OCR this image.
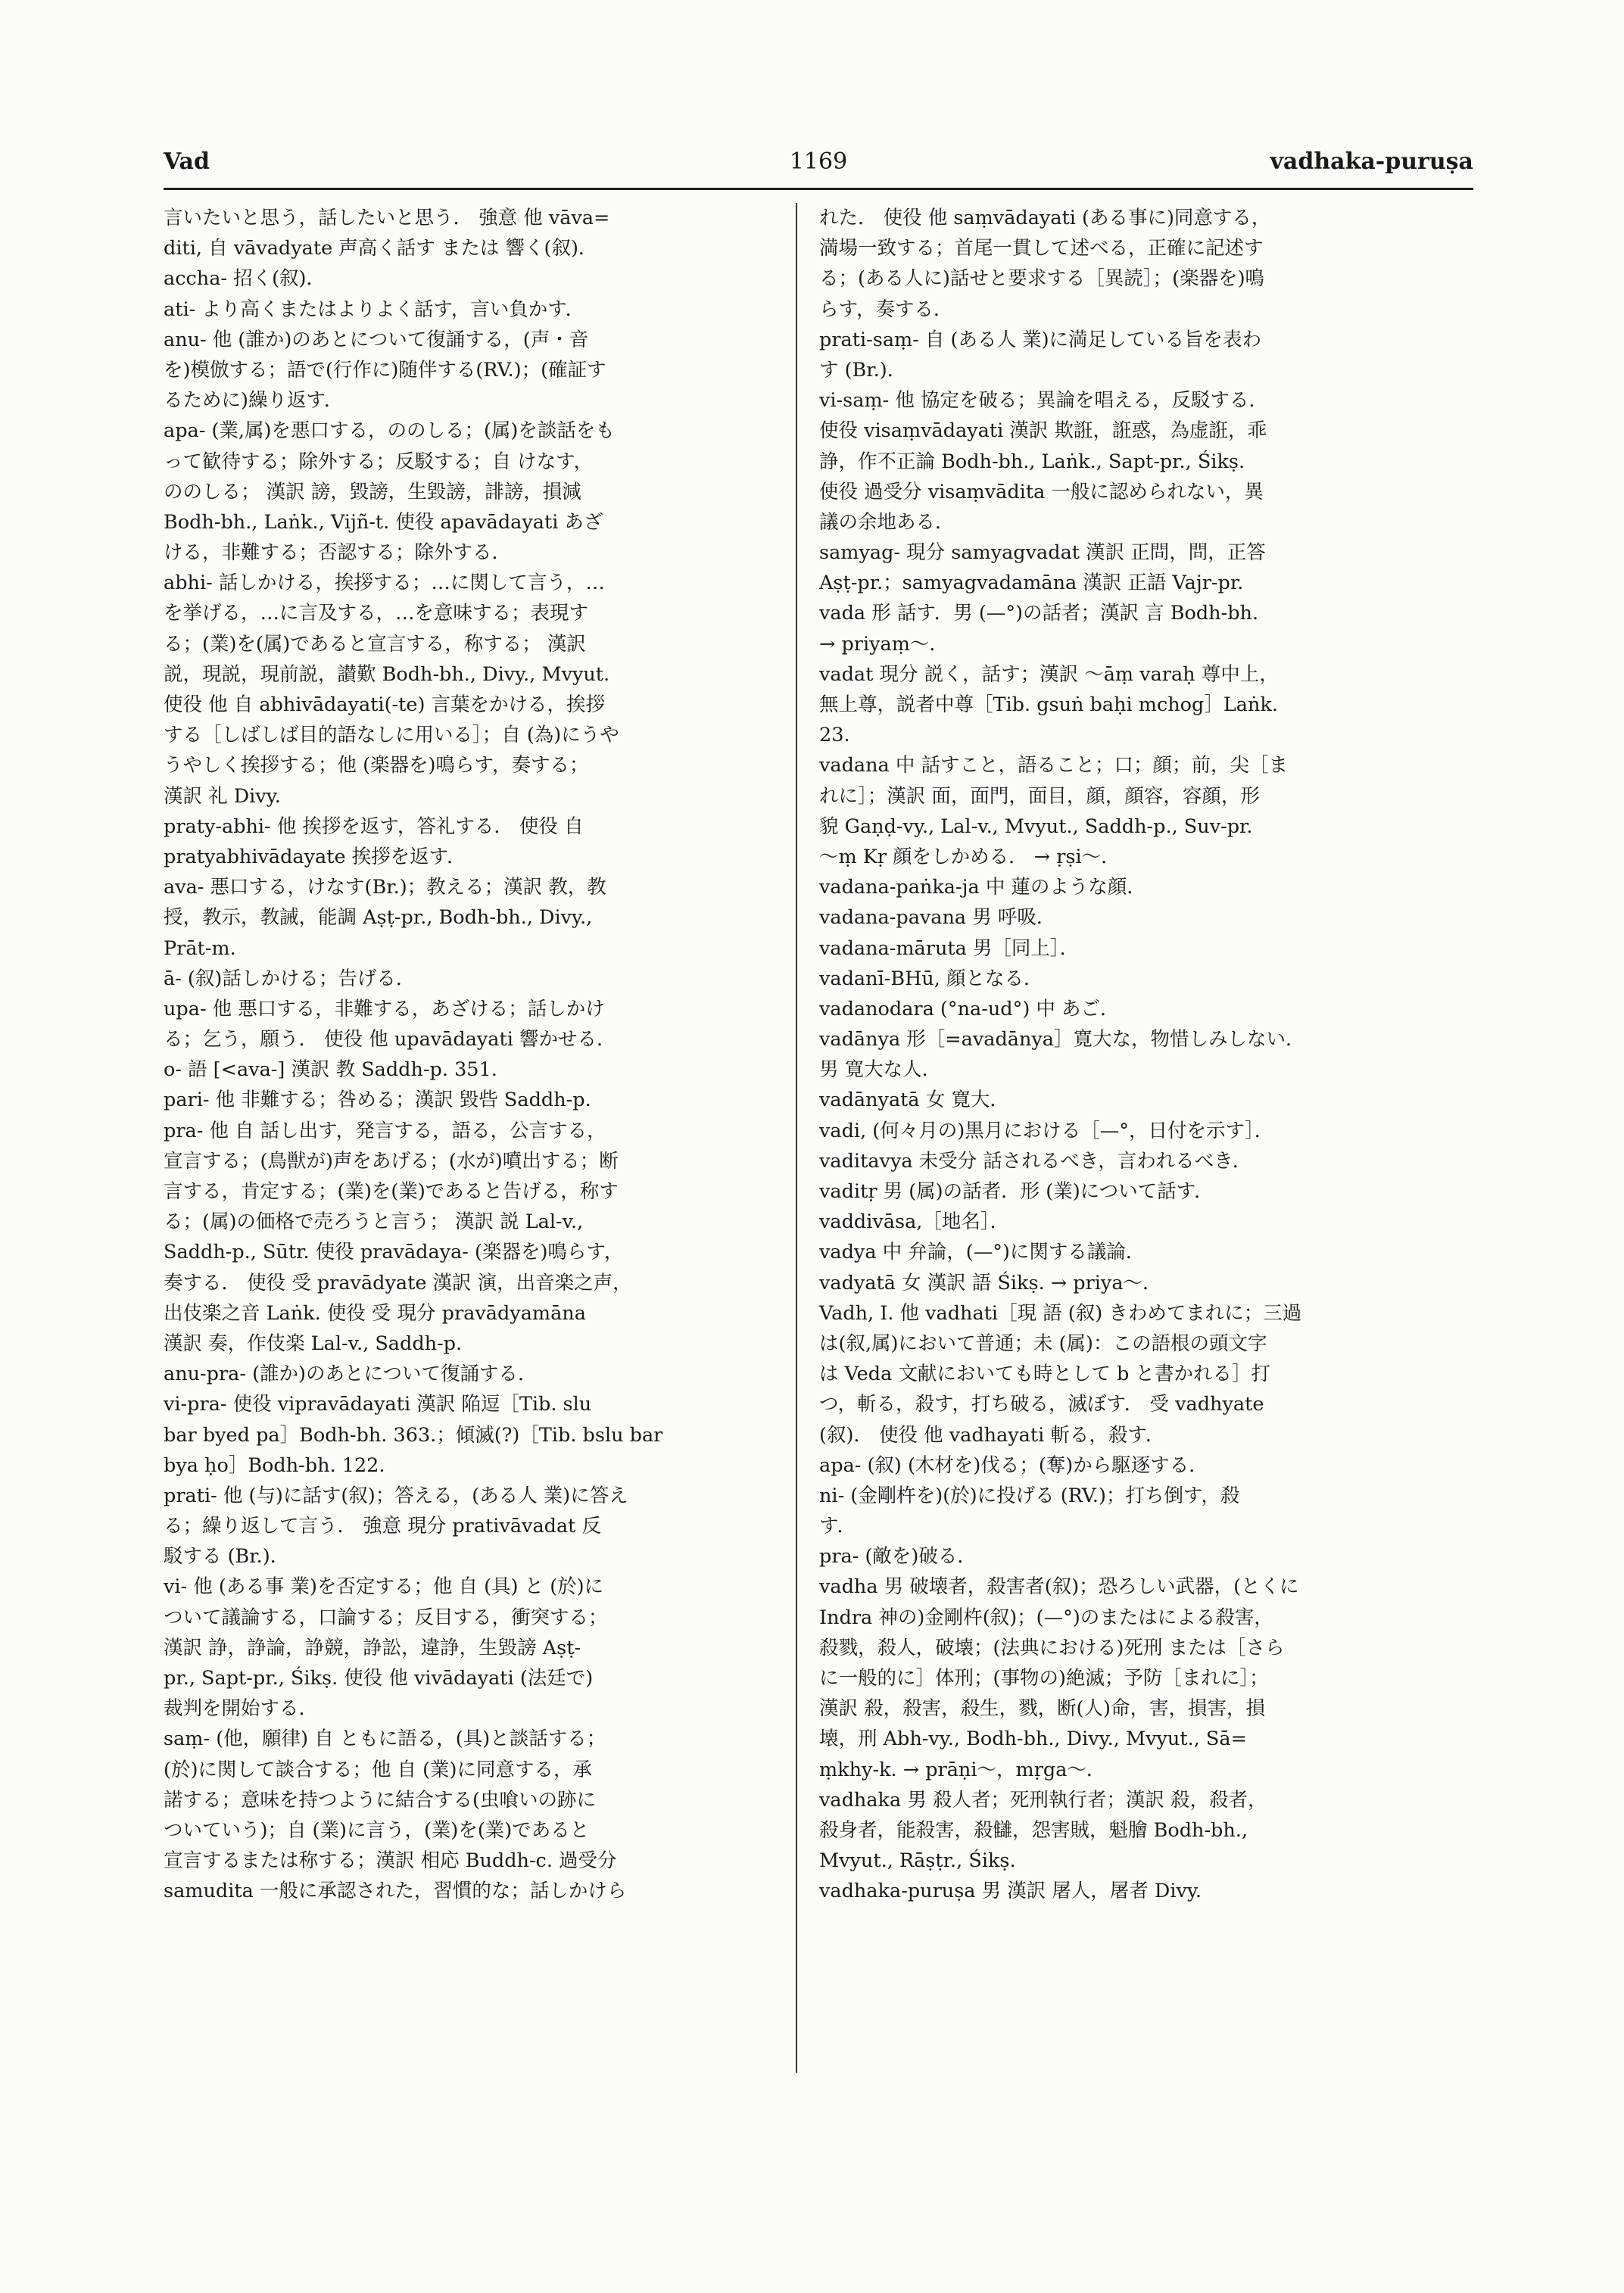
Vad	1169	vadhaka-puruṣa
言いたいと思う，話したいと思う． 強意 他 vāva=
diti, 自 vāvadyate 声高く話す または 響く(叙)．
accha- 招く(叙)．
ati- より高くまたはよりよく話す，言い負かす．
anu- 他 (誰か)のあとについて復誦する，(声・音
を)模倣する；語で(行作に)随伴する(RV.)；(確証す
るために)繰り返す．
apa- (業,属)を悪口する，ののしる；(属)を談話をも
って歓待する；除外する；反駁する；自 けなす，
ののしる； 漢訳 謗，毀謗，生毀謗，誹謗，損減
Bodh-bh., Laṅk., Vijñ-t. 使役 apavādayati あざ
ける，非難する；否認する；除外する．
abhi- 話しかける，挨拶する；…に関して言う，…
を挙げる，…に言及する，…を意味する；表現す
る；(業)を(属)であると宣言する，称する； 漢訳
説，現説，現前説，讃歎 Bodh-bh., Divy., Mvyut.
使役 他 自 abhivādayati(-te) 言葉をかける，挨拶
する［しばしば目的語なしに用いる］；自 (為)にうや
うやしく挨拶する；他 (楽器を)鳴らす，奏する；
漢訳 礼 Divy.
praty-abhi- 他 挨拶を返す，答礼する． 使役 自
pratyabhivādayate 挨拶を返す．
ava- 悪口する，けなす(Br.)；教える；漢訳 教，教
授，教示，教誡，能調 Aṣṭ-pr., Bodh-bh., Divy.,
Prāt-m.
ā- (叙)話しかける；告げる．
upa- 他 悪口する，非難する，あざける；話しかけ
る；乞う，願う． 使役 他 upavādayati 響かせる．
o- 語 [<ava-] 漢訳 教 Saddh-p. 351.
pari- 他 非難する；咎める；漢訳 毀呰 Saddh-p.
pra- 他 自 話し出す，発言する，語る，公言する，
宣言する；(鳥獣が)声をあげる；(水が)噴出する；断
言する，肯定する；(業)を(業)であると告げる，称す
る；(属)の価格で売ろうと言う； 漢訳 説 Lal-v.,
Saddh-p., Sūtr. 使役 pravādaya- (楽器を)鳴らす，
奏する． 使役 受 pravādyate 漢訳 演，出音楽之声，
出伎楽之音 Laṅk. 使役 受 現分 pravādyamāna
漢訳 奏，作伎楽 Lal-v., Saddh-p.
anu-pra- (誰か)のあとについて復誦する．
vi-pra- 使役 vipravādayati 漢訳 陥逗［Tib. slu
bar byed pa］Bodh-bh. 363.；傾滅(?)［Tib. bslu bar
bya ḥo］Bodh-bh. 122.
prati- 他 (与)に話す(叙)；答える，(ある人 業)に答え
る；繰り返して言う． 強意 現分 prativāvadat 反
駁する (Br.)．
vi- 他 (ある事 業)を否定する；他 自 (具) と (於)に
ついて議論する，口論する；反目する，衝突する；
漢訳 諍，諍論，諍競，諍訟，違諍，生毀謗 Aṣṭ-
pr., Sapt-pr., Śikṣ. 使役 他 vivādayati (法廷で)
裁判を開始する．
saṃ- (他，願律) 自 ともに語る，(具)と談話する；
(於)に関して談合する；他 自 (業)に同意する，承
諾する；意味を持つように結合する(虫喰いの跡に
ついていう)；自 (業)に言う，(業)を(業)であると
宣言するまたは称する；漢訳 相応 Buddh-c. 過受分
samudita 一般に承認された，習慣的な；話しかけら
れた． 使役 他 saṃvādayati (ある事に)同意する，
満場一致する；首尾一貫して述べる，正確に記述す
る；(ある人に)話せと要求する［異読］；(楽器を)鳴
らす，奏する．
prati-saṃ- 自 (ある人 業)に満足している旨を表わ
す (Br.)．
vi-saṃ- 他 協定を破る；異論を唱える，反駁する．
使役 visaṃvādayati 漢訳 欺誑，誑惑，為虚誑，乖
諍，作不正論 Bodh-bh., Laṅk., Sapt-pr., Śikṣ.
使役 過受分 visaṃvādita 一般に認められない，異
議の余地ある．
samyag- 現分 samyagvadat 漢訳 正問，問，正答
Aṣṭ-pr.；samyagvadamāna 漢訳 正語 Vajr-pr.
vada 形 話す．男 (—°)の話者；漢訳 言 Bodh-bh.
→ priyaṃ～．
vadat 現分 説く，話す；漢訳 ～āṃ varaḥ 尊中上，
無上尊，説者中尊［Tib. gsuṅ baḥi mchog］Laṅk.
23.
vadana 中 話すこと，語ること；口；顔；前，尖［ま
れに］；漢訳 面，面門，面目，顔，顔容，容顔，形
貌 Gaṇḍ-vy., Lal-v., Mvyut., Saddh-p., Suv-pr.
～ṃ Kṛ 顔をしかめる． → ṛṣi～．
vadana-paṅka-ja 中 蓮のような顔．
vadana-pavana 男 呼吸．
vadana-māruta 男［同上］．
vadanī-BHū, 顔となる．
vadanodara (°na-ud°) 中 あご．
vadānya 形［=avadānya］寛大な，物惜しみしない．
男 寛大な人．
vadānyatā 女 寛大．
vadi, (何々月の)黒月における［—°，日付を示す］．
vaditavya 未受分 話されるべき，言われるべき．
vaditṛ 男 (属)の話者．形 (業)について話す．
vaddivāsa,［地名］．
vadya 中 弁論，(—°)に関する議論．
vadyatā 女 漢訳 語 Śikṣ. → priya～．
Vadh, I. 他 vadhati［現 語 (叙) きわめてまれに；三過
は(叙,属)において普通；未 (属)：この語根の頭文字
は Veda 文献においても時として b と書かれる］打
つ，斬る，殺す，打ち破る，滅ぼす． 受 vadhyate
(叙)． 使役 他 vadhayati 斬る，殺す．
apa- (叙) (木材を)伐る；(奪)から駆逐する．
ni- (金剛杵を)(於)に投げる (RV.)；打ち倒す，殺
す．
pra- (敵を)破る．
vadha 男 破壊者，殺害者(叙)；恐ろしい武器，(とくに
Indra 神の)金剛杵(叙)；(—°)のまたはによる殺害，
殺戮，殺人，破壊；(法典における)死刑 または［さら
に一般的に］体刑；(事物の)絶滅；予防［まれに］；
漢訳 殺，殺害，殺生，戮，断(人)命，害，損害，損
壊，刑 Abh-vy., Bodh-bh., Divy., Mvyut., Sā=
ṃkhy-k. → prāṇi～，mṛga～．
vadhaka 男 殺人者；死刑執行者；漢訳 殺，殺者，
殺身者，能殺害，殺讎，怨害賊，魁膾 Bodh-bh.,
Mvyut., Rāṣṭr., Śikṣ.
vadhaka-puruṣa 男 漢訳 屠人，屠者 Divy.
